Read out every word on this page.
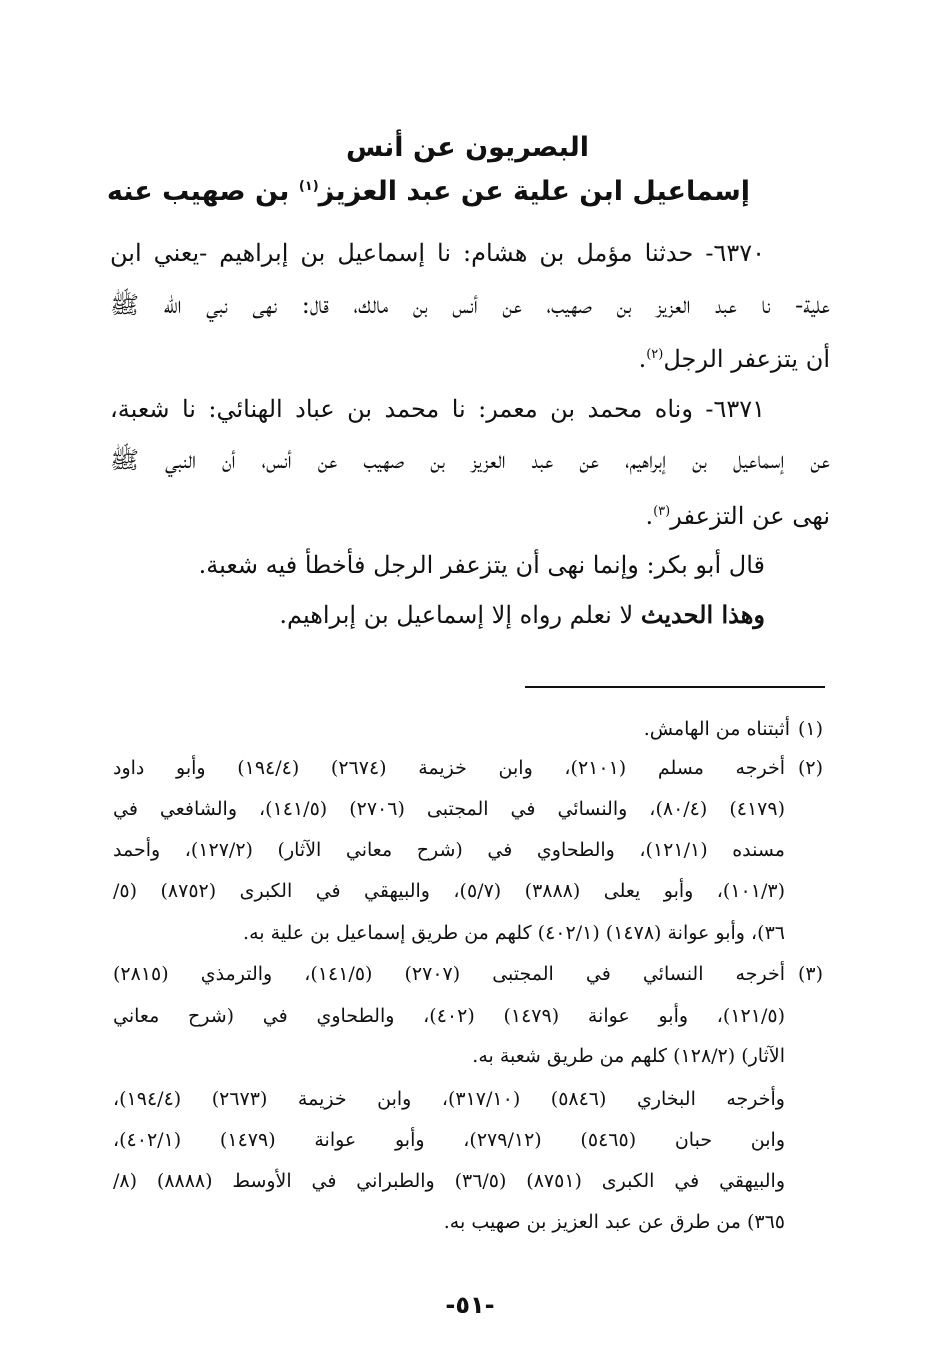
البصريون عن أنس
إسماعيل ابن علية عن عبد العزيز$^{(١)}$ بن صهيب عنه
٦٣٧٠- حدثنا مؤمل بن هشام: نا إسماعيل بن إبراهيم -يعني ابن
علية- نا عبد العزيز بن صهيب، عن أنس بن مالك، قال: نهى نبي الله ﷺ
أن يتزعفر الرجل$^{(٢)}$.
٦٣٧١- وناه محمد بن معمر: نا محمد بن عباد الهنائي: نا شعبة،
عن إسماعيل بن إبراهيم، عن عبد العزيز بن صهيب عن أنس، أن النبي ﷺ
نهى عن التزعفر$^{(٣)}$.
قال أبو بكر: وإنما نهى أن يتزعفر الرجل فأخطأ فيه شعبة.
وهذا الحديث لا نعلم رواه إلا إسماعيل بن إبراهيم.
(١)
أثبتناه من الهامش.
(٢)
أخرجه مسلم (٢١٠١)، وابن خزيمة (٢٦٧٤) (١٩٤/٤) وأبو داود
(٤١٧٩) (٨٠/٤)، والنسائي في المجتبى (٢٧٠٦) (١٤١/٥)، والشافعي في
مسنده (١٢١/١)، والطحاوي في (شرح معاني الآثار) (١٢٧/٢)، وأحمد
(١٠١/٣)، وأبو يعلى (٣٨٨٨) (٥/٧)، والبيهقي في الكبرى (٨٧٥٢) (٥/
٣٦)، وأبو عوانة (١٤٧٨) (٤٠٢/١) كلهم من طريق إسماعيل بن علية به.
(٣)
أخرجه النسائي في المجتبى (٢٧٠٧) (١٤١/٥)، والترمذي (٢٨١٥)
(١٢١/٥)، وأبو عوانة (١٤٧٩) (٤٠٢)، والطحاوي في (شرح معاني
الآثار) (١٢٨/٢) كلهم من طريق شعبة به.
وأخرجه البخاري (٥٨٤٦) (٣١٧/١٠)، وابن خزيمة (٢٦٧٣) (١٩٤/٤)،
وابن حبان (٥٤٦٥) (٢٧٩/١٢)، وأبو عوانة (١٤٧٩) (٤٠٢/١)،
والبيهقي في الكبرى (٨٧٥١) (٣٦/٥) والطبراني في الأوسط (٨٨٨٨) (٨/
٣٦٥) من طرق عن عبد العزيز بن صهيب به.
-٥١-
